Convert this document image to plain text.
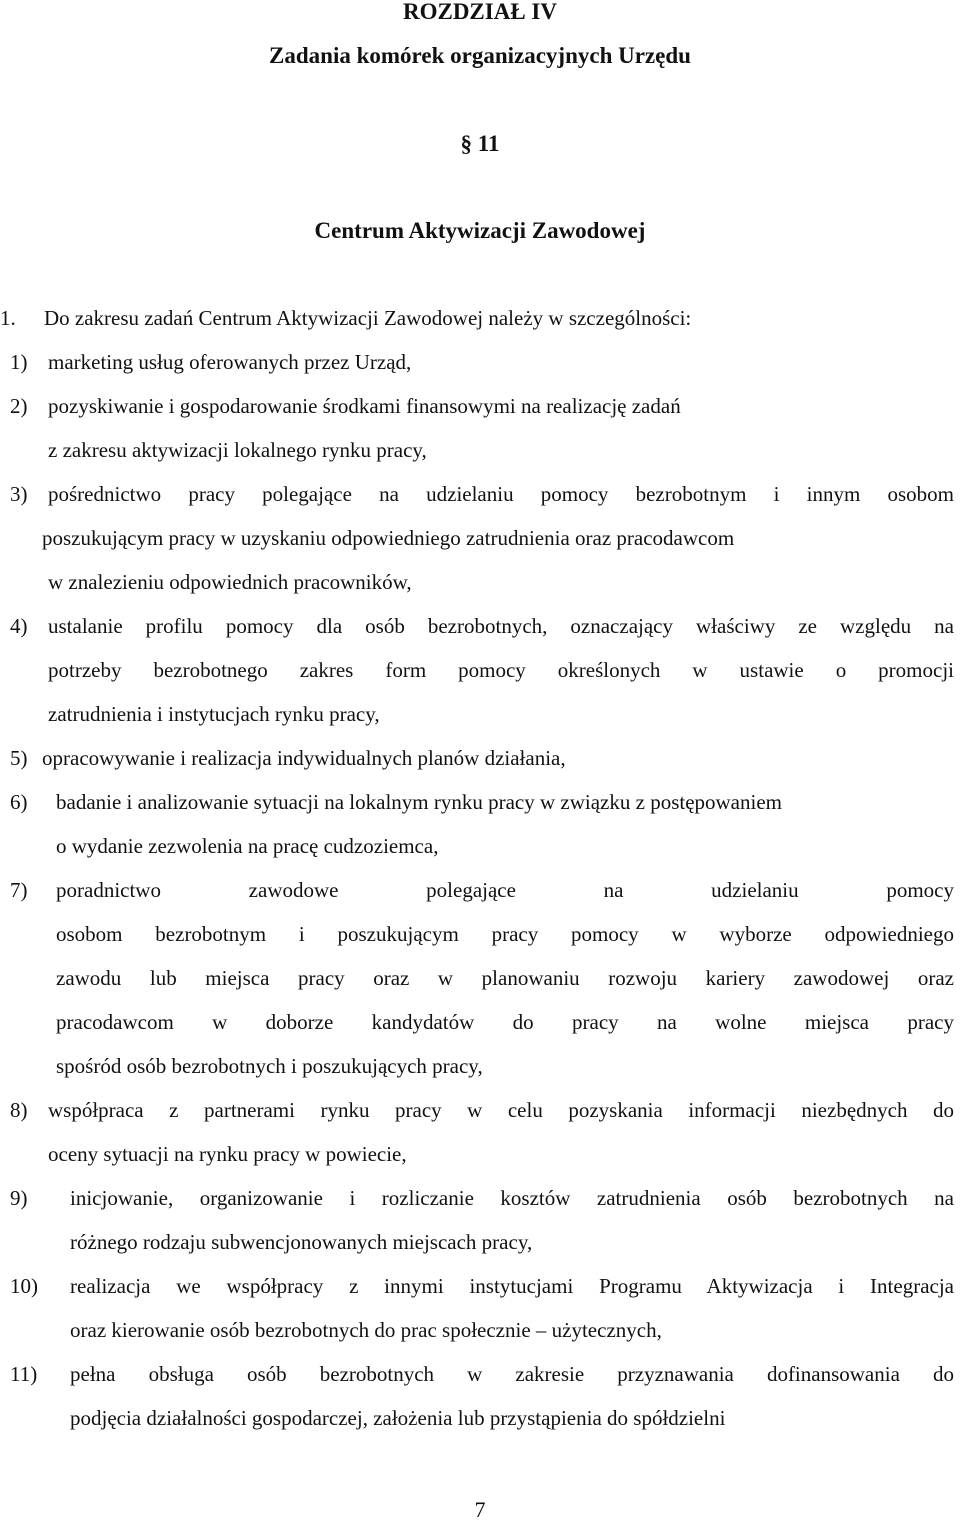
ROZDZIAŁ IV
Zadania komórek organizacyjnych Urzędu
§ 11
Centrum Aktywizacji Zawodowej
1. Do zakresu zadań Centrum Aktywizacji Zawodowej należy w szczególności:
1) marketing usług oferowanych przez Urząd,
2) pozyskiwanie i gospodarowanie środkami finansowymi na realizację zadań
z zakresu aktywizacji lokalnego rynku pracy,
3) pośrednictwo pracy polegające na udzielaniu pomocy bezrobotnym i innym osobom
poszukującym pracy w uzyskaniu odpowiedniego zatrudnienia oraz pracodawcom
w znalezieniu odpowiednich pracowników,
4) ustalanie profilu pomocy dla osób bezrobotnych, oznaczający właściwy ze względu na
potrzeby bezrobotnego zakres form pomocy określonych w ustawie o promocji
zatrudnienia i instytucjach rynku pracy,
5) opracowywanie i realizacja indywidualnych planów działania,
6) badanie i analizowanie sytuacji na lokalnym rynku pracy w związku z postępowaniem
o wydanie zezwolenia na pracę cudzoziemca,
7) poradnictwo zawodowe polegające na udzielaniu pomocy
osobom bezrobotnym i poszukującym pracy pomocy w wyborze odpowiedniego
zawodu lub miejsca pracy oraz w planowaniu rozwoju kariery zawodowej oraz
pracodawcom w doborze kandydatów do pracy na wolne miejsca pracy
spośród osób bezrobotnych i poszukujących pracy,
8) współpraca z partnerami rynku pracy w celu pozyskania informacji niezbędnych do
oceny sytuacji na rynku pracy w powiecie,
9) inicjowanie, organizowanie i rozliczanie kosztów zatrudnienia osób bezrobotnych na
różnego rodzaju subwencjonowanych miejscach pracy,
10) realizacja we współpracy z innymi instytucjami Programu Aktywizacja i Integracja
oraz kierowanie osób bezrobotnych do prac społecznie – użytecznych,
11) pełna obsługa osób bezrobotnych w zakresie przyznawania dofinansowania do
podjęcia działalności gospodarczej, założenia lub przystąpienia do spółdzielni
7
